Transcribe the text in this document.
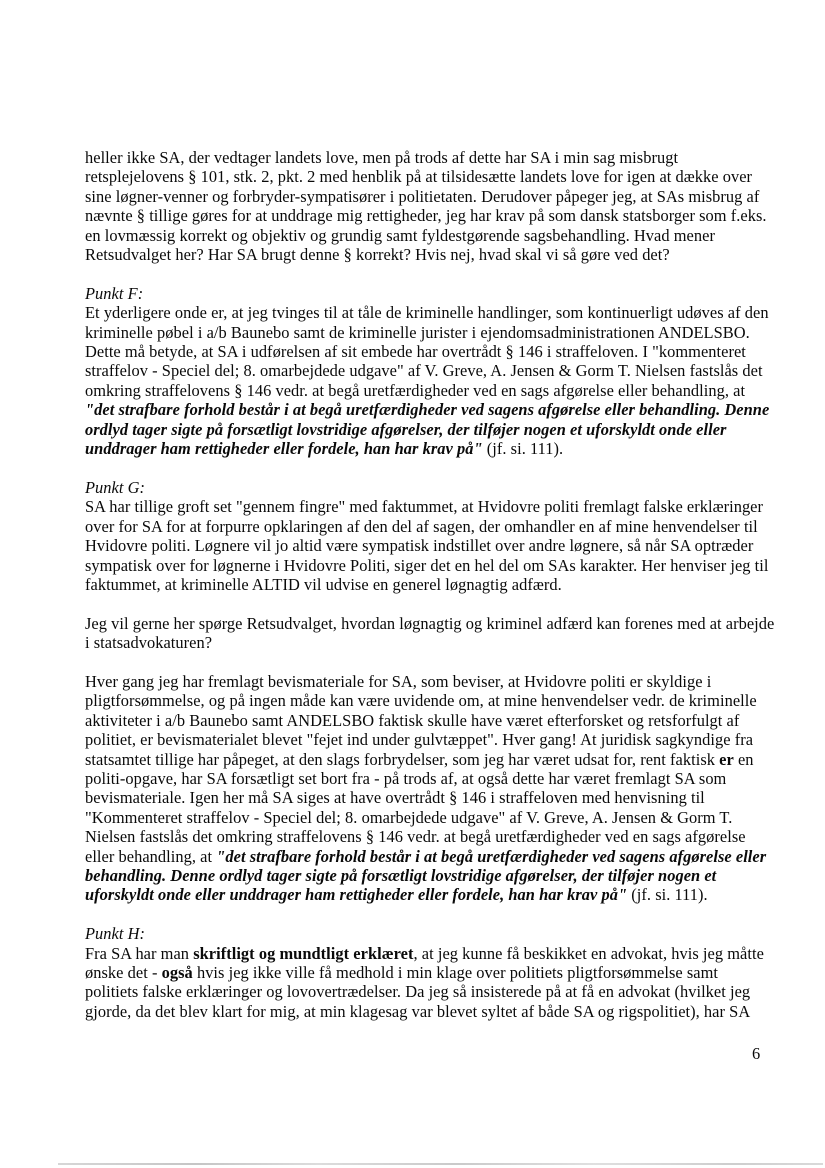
heller ikke SA, der vedtager landets love, men på trods af dette har SA i min sag misbrugt retsplejelovens § 101, stk. 2, pkt. 2 med henblik på at tilsidesætte landets love for igen at dække over sine løgner-venner og forbryder-sympatisører i politietaten. Derudover påpeger jeg, at SAs misbrug af nævnte § tillige gøres for at unddrage mig rettigheder, jeg har krav på som dansk statsborger som f.eks. en lovmæssig korrekt og objektiv og grundig samt fyldestgørende sagsbehandling. Hvad mener Retsudvalget her? Har SA brugt denne § korrekt? Hvis nej, hvad skal vi så gøre ved det?

Punkt F:

Et yderligere onde er, at jeg tvinges til at tåle de kriminelle handlinger, som kontinuerligt udøves af den kriminelle pøbel i a/b Baunebo samt de kriminelle jurister i ejendomsadministrationen ANDELSBO. Dette må betyde, at SA i udførelsen af sit embede har overtrådt § 146 i straffeloven. I "kommenteret straffelov - Speciel del; 8. omarbejdede udgave" af V. Greve, A. Jensen & Gorm T. Nielsen fastslås det omkring straffelovens § 146 vedr. at begå uretfærdigheder ved en sags afgørelse eller behandling, at "det strafbare forhold består i at begå uretfærdigheder ved sagens afgørelse eller behandling. Denne ordlyd tager sigte på forsætligt lovstridige afgørelser, der tilføjer nogen et uforskyldt onde eller unddrager ham rettigheder eller fordele, han har krav på" (jf. si. 111).

Punkt G:

SA har tillige groft set "gennem fingre" med faktummet, at Hvidovre politi fremlagt falske erklæringer over for SA for at forpurre opklaringen af den del af sagen, der omhandler en af mine henvendelser til Hvidovre politi. Løgnere vil jo altid være sympatisk indstillet over andre løgnere, så når SA optræder sympatisk over for løgnerne i Hvidovre Politi, siger det en hel del om SAs karakter. Her henviser jeg til faktummet, at kriminelle ALTID vil udvise en generel løgnagtig adfærd.

Jeg vil gerne her spørge Retsudvalget, hvordan løgnagtig og kriminel adfærd kan forenes med at arbejde i statsadvokaturen?

Hver gang jeg har fremlagt bevismateriale for SA, som beviser, at Hvidovre politi er skyldige i pligtforsømmelse, og på ingen måde kan være uvidende om, at mine henvendelser vedr. de kriminelle aktiviteter i a/b Baunebo samt ANDELSBO faktisk skulle have været efterforsket og retsforfulgt af politiet, er bevismaterialet blevet "fejet ind under gulvtæppet". Hver gang! At juridisk sagkyndige fra statsamtet tillige har påpeget, at den slags forbrydelser, som jeg har været udsat for, rent faktisk er en politi-opgave, har SA forsætligt set bort fra - på trods af, at også dette har været fremlagt SA som bevismateriale. Igen her må SA siges at have overtrådt § 146 i straffeloven med henvisning til "Kommenteret straffelov - Speciel del; 8. omarbejdede udgave" af V. Greve, A. Jensen & Gorm T. Nielsen fastslås det omkring straffelovens § 146 vedr. at begå uretfærdigheder ved en sags afgørelse eller behandling, at "det strafbare forhold består i at begå uretfærdigheder ved sagens afgørelse eller behandling. Denne ordlyd tager sigte på forsætligt lovstridige afgørelser, der tilføjer nogen et uforskyldt onde eller unddrager ham rettigheder eller fordele, han har krav på" (jf. si. 111).

Punkt H:

Fra SA har man skriftligt og mundtligt erklæret, at jeg kunne få beskikket en advokat, hvis jeg måtte ønske det - også hvis jeg ikke ville få medhold i min klage over politiets pligtforsømmelse samt politiets falske erklæringer og lovovertrædelser. Da jeg så insisterede på at få en advokat (hvilket jeg gjorde, da det blev klart for mig, at min klagesag var blevet syltet af både SA og rigspolitiet), har SA

6
